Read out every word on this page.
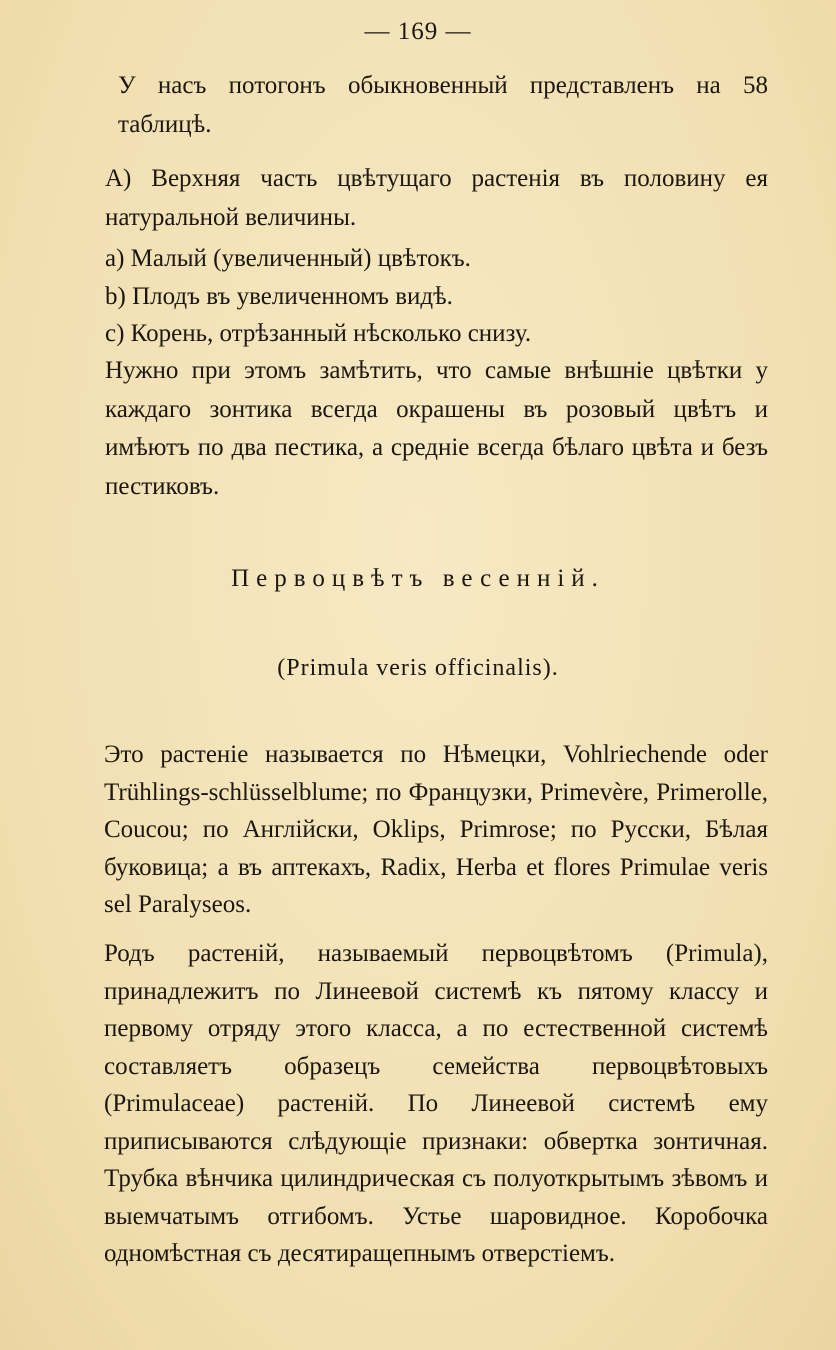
— 169 —

У насъ потогонъ обыкновенный представленъ на 58 таблицѣ.

А) Верхняя часть цвѣтущаго растенія въ половину ея натуральной величины.

a) Малый (увеличенный) цвѣтокъ.
b) Плодъ въ увеличенномъ видѣ.
c) Корень, отрѣзанный нѣсколько снизу.

Нужно при этомъ замѣтить, что самые внѣшніе цвѣтки у каждаго зонтика всегда окрашены въ розовый цвѣтъ и имѣютъ по два пестика, а средніе всегда бѣлаго цвѣта и безъ пестиковъ.

Первоцвѣтъ весенній.
(Primula veris officinalis).

Это растеніе называется по Нѣмецки, Vohlriechende oder Trühlings-schlüsselblume; по Французки, Primevère, Primerolle, Coucou; по Англійски, Oklips, Primrose; по Русски, Бѣлая буковица; а въ аптекахъ, Radix, Herba et flores Primulae veris sel Paralyseos.

Родъ растеній, называемый первоцвѣтомъ (Primula), принадлежитъ по Линеевой системѣ къ пятому классу и первому отряду этого класса, а по естественной системѣ составляетъ образецъ семейства первоцвѣтовыхъ (Primulaceae) растеній. По Линеевой системѣ ему приписываются слѣдующіе признаки: обвертка зонтичная. Трубка вѣнчика цилиндрическая съ полуоткрытымъ зѣвомъ и выемчатымъ отгибомъ. Устье шаровидное. Коробочка одномѣстная съ десятиращепнымъ отверстіемъ.
